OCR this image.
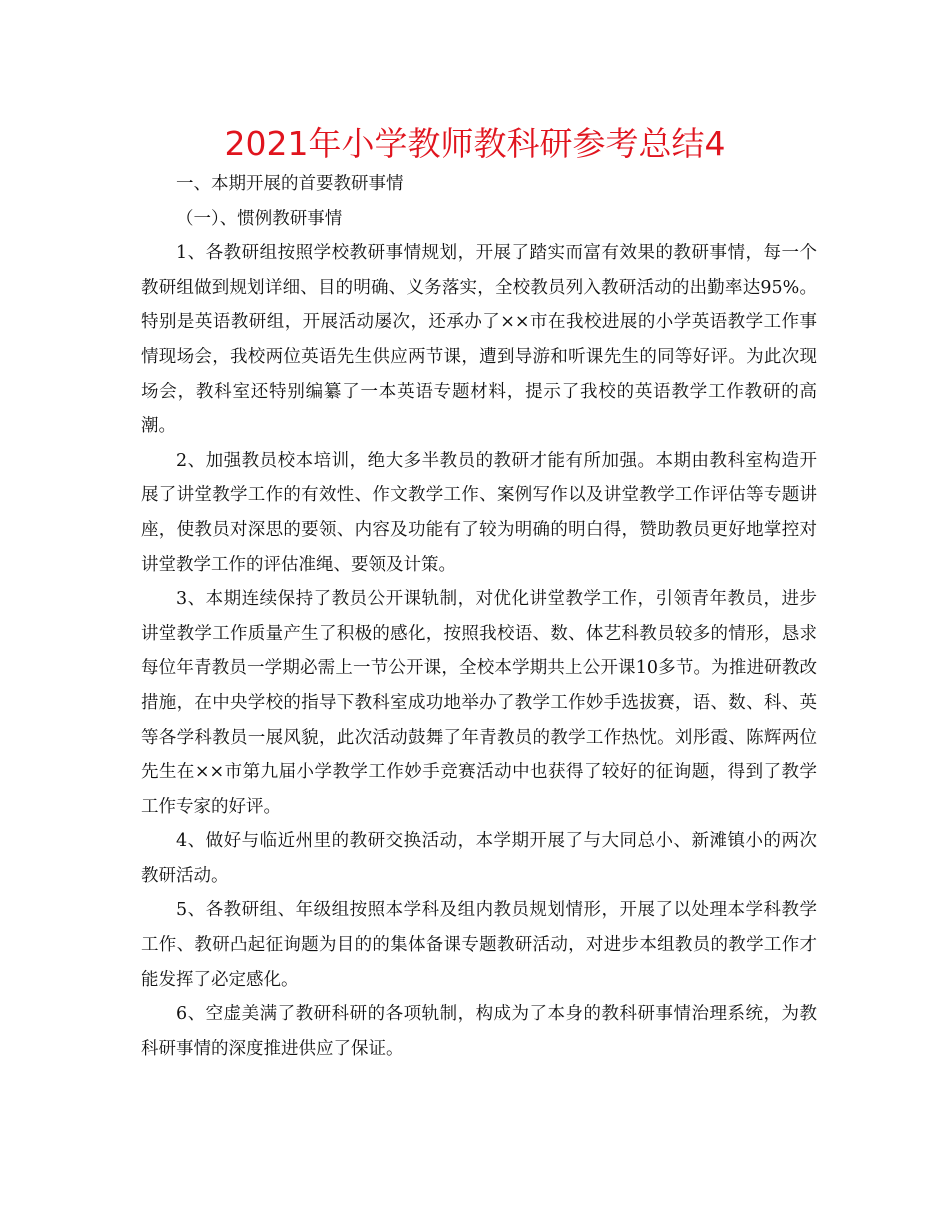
2021年小学教师教科研参考总结4

一、本期开展的首要教研事情

（一）、惯例教研事情

1、各教研组按照学校教研事情规划，开展了踏实而富有效果的教研事情，每一个教研组做到规划详细、目的明确、义务落实，全校教员列入教研活动的出勤率达95%。特别是英语教研组，开展活动屡次，还承办了××市在我校进展的小学英语教学工作事情现场会，我校两位英语先生供应两节课，遭到导游和听课先生的同等好评。为此次现场会，教科室还特别编纂了一本英语专题材料，提示了我校的英语教学工作教研的高潮。

2、加强教员校本培训，绝大多半教员的教研才能有所加强。本期由教科室构造开展了讲堂教学工作的有效性、作文教学工作、案例写作以及讲堂教学工作评估等专题讲座，使教员对深思的要领、内容及功能有了较为明确的明白得，赞助教员更好地掌控对讲堂教学工作的评估准绳、要领及计策。

3、本期连续保持了教员公开课轨制，对优化讲堂教学工作，引领青年教员，进步讲堂教学工作质量产生了积极的感化，按照我校语、数、体艺科教员较多的情形，恳求每位年青教员一学期必需上一节公开课，全校本学期共上公开课10多节。为推进研教改措施，在中央学校的指导下教科室成功地举办了教学工作妙手选拔赛，语、数、科、英等各学科教员一展风貌，此次活动鼓舞了年青教员的教学工作热忱。刘彤霞、陈辉两位先生在××市第九届小学教学工作妙手竞赛活动中也获得了较好的征询题，得到了教学工作专家的好评。

4、做好与临近州里的教研交换活动，本学期开展了与大同总小、新滩镇小的两次教研活动。

5、各教研组、年级组按照本学科及组内教员规划情形，开展了以处理本学科教学工作、教研凸起征询题为目的的集体备课专题教研活动，对进步本组教员的教学工作才能发挥了必定感化。

6、空虚美满了教研科研的各项轨制，构成为了本身的教科研事情治理系统，为教科研事情的深度推进供应了保证。
